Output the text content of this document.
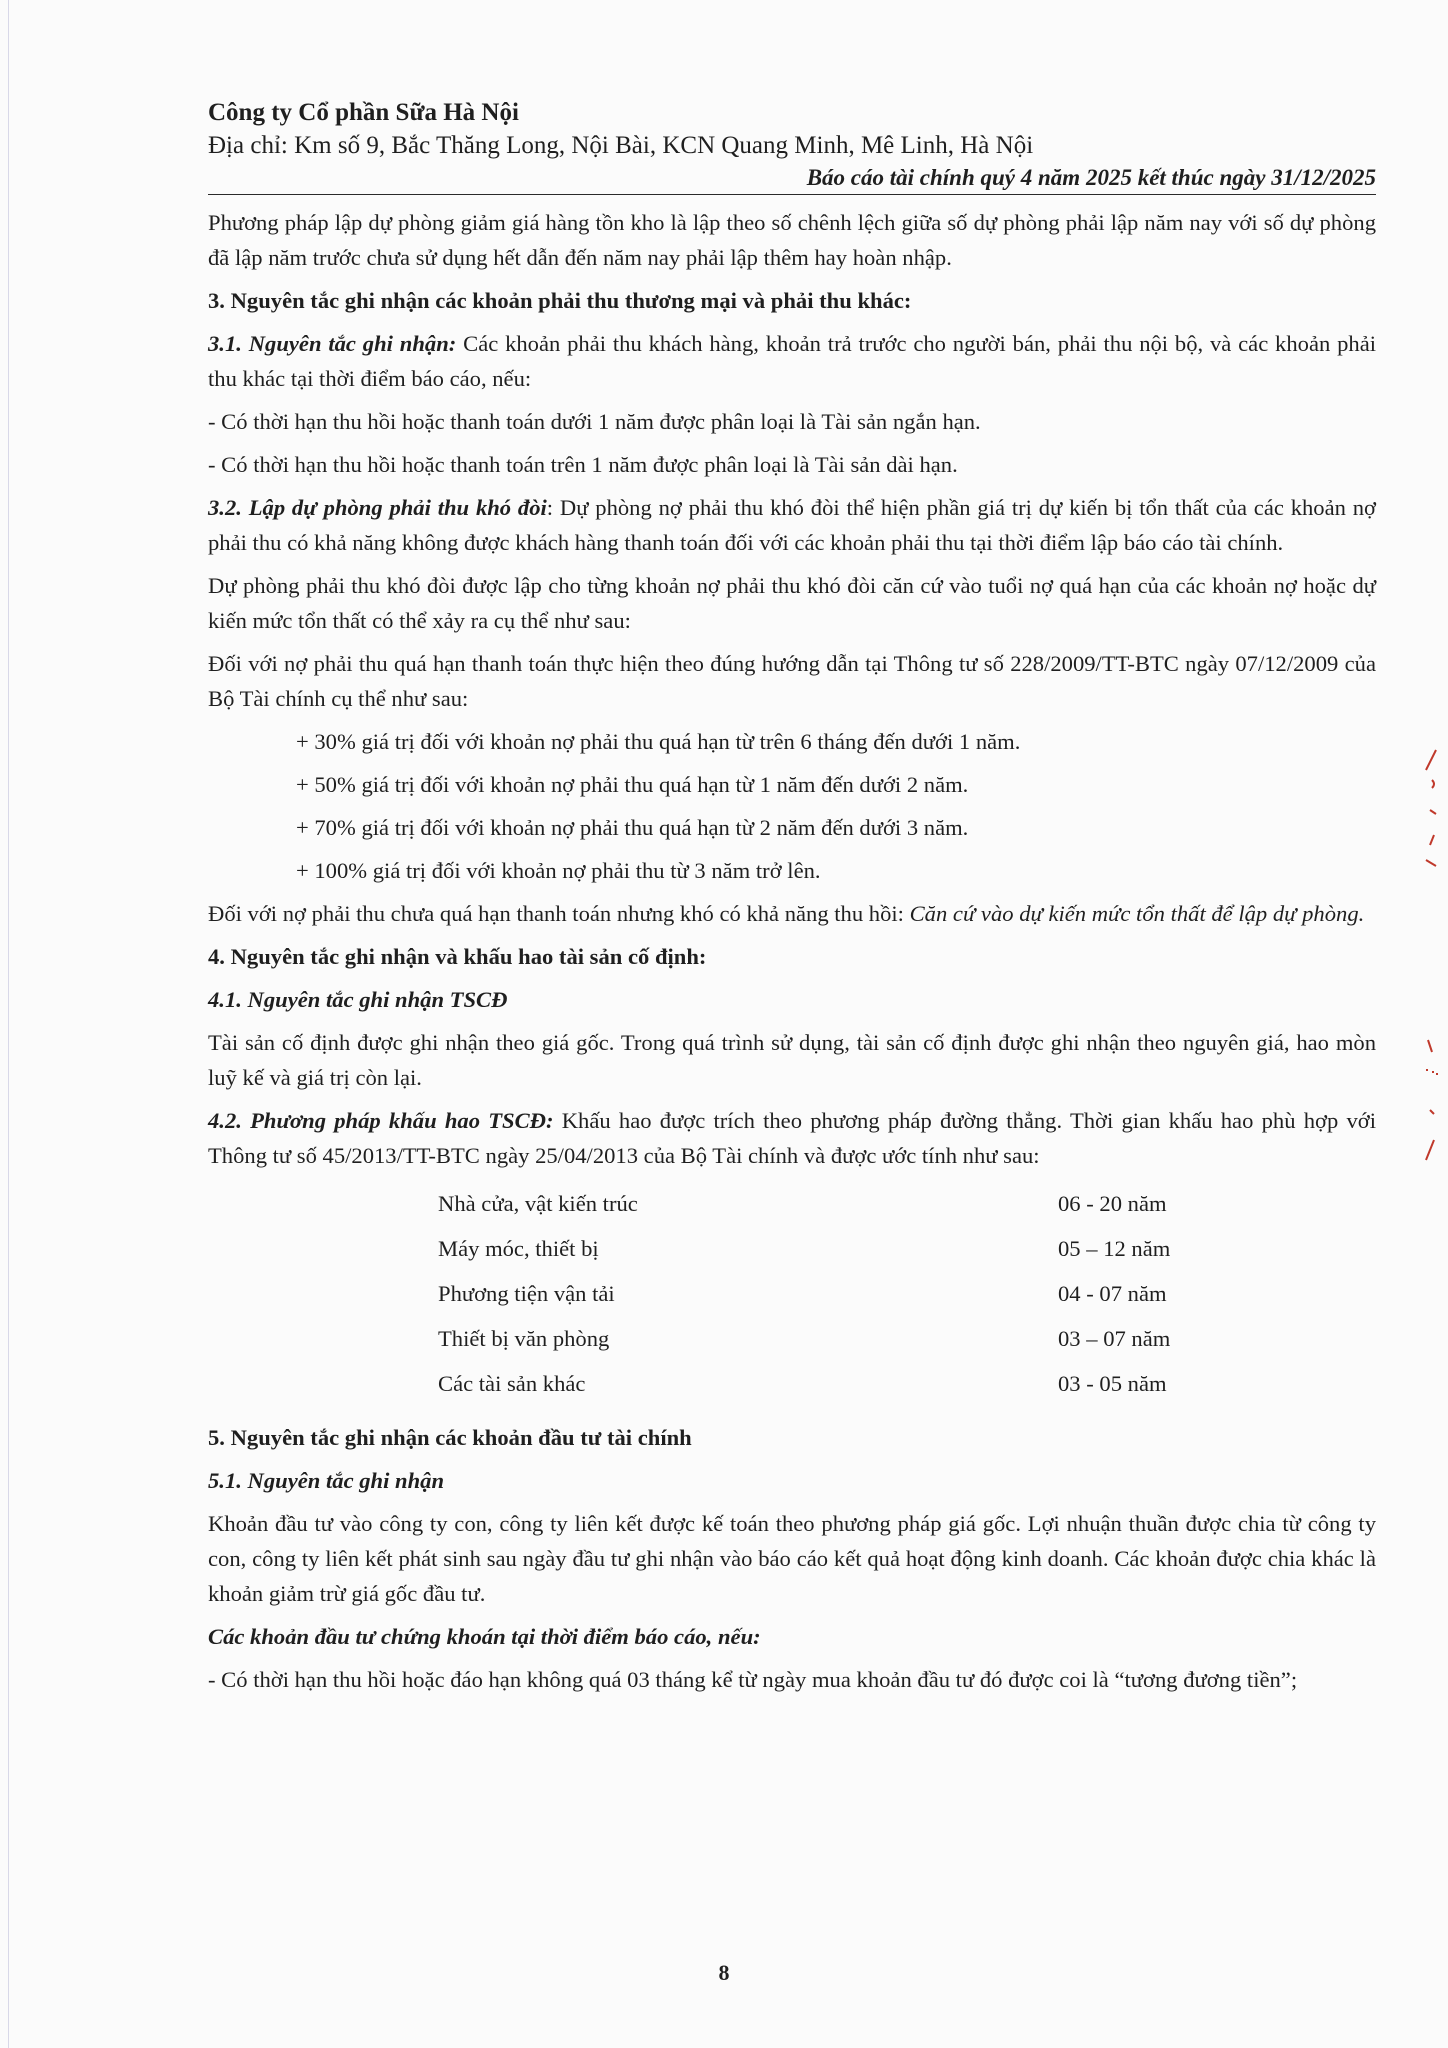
Công ty Cổ phần Sữa Hà Nội
Địa chỉ: Km số 9, Bắc Thăng Long, Nội Bài, KCN Quang Minh, Mê Linh, Hà Nội
Báo cáo tài chính quý 4 năm 2025 kết thúc ngày 31/12/2025

Phương pháp lập dự phòng giảm giá hàng tồn kho là lập theo số chênh lệch giữa số dự phòng phải lập năm nay với số dự phòng đã lập năm trước chưa sử dụng hết dẫn đến năm nay phải lập thêm hay hoàn nhập.

3. Nguyên tắc ghi nhận các khoản phải thu thương mại và phải thu khác:

3.1. Nguyên tắc ghi nhận: Các khoản phải thu khách hàng, khoản trả trước cho người bán, phải thu nội bộ, và các khoản phải thu khác tại thời điểm báo cáo, nếu:

- Có thời hạn thu hồi hoặc thanh toán dưới 1 năm được phân loại là Tài sản ngắn hạn.
- Có thời hạn thu hồi hoặc thanh toán trên 1 năm được phân loại là Tài sản dài hạn.

3.2. Lập dự phòng phải thu khó đòi: Dự phòng nợ phải thu khó đòi thể hiện phần giá trị dự kiến bị tổn thất của các khoản nợ phải thu có khả năng không được khách hàng thanh toán đối với các khoản phải thu tại thời điểm lập báo cáo tài chính.

Dự phòng phải thu khó đòi được lập cho từng khoản nợ phải thu khó đòi căn cứ vào tuổi nợ quá hạn của các khoản nợ hoặc dự kiến mức tổn thất có thể xảy ra cụ thể như sau:

Đối với nợ phải thu quá hạn thanh toán thực hiện theo đúng hướng dẫn tại Thông tư số 228/2009/TT-BTC ngày 07/12/2009 của Bộ Tài chính cụ thể như sau:

+ 30% giá trị đối với khoản nợ phải thu quá hạn từ trên 6 tháng đến dưới 1 năm.
+ 50% giá trị đối với khoản nợ phải thu quá hạn từ 1 năm đến dưới 2 năm.
+ 70% giá trị đối với khoản nợ phải thu quá hạn từ 2 năm đến dưới 3 năm.
+ 100% giá trị đối với khoản nợ phải thu từ 3 năm trở lên.

Đối với nợ phải thu chưa quá hạn thanh toán nhưng khó có khả năng thu hồi: Căn cứ vào dự kiến mức tổn thất để lập dự phòng.

4. Nguyên tắc ghi nhận và khấu hao tài sản cố định:
4.1. Nguyên tắc ghi nhận TSCĐ

Tài sản cố định được ghi nhận theo giá gốc. Trong quá trình sử dụng, tài sản cố định được ghi nhận theo nguyên giá, hao mòn luỹ kế và giá trị còn lại.

4.2. Phương pháp khấu hao TSCĐ: Khấu hao được trích theo phương pháp đường thẳng. Thời gian khấu hao phù hợp với Thông tư số 45/2013/TT-BTC ngày 25/04/2013 của Bộ Tài chính và được ước tính như sau:

Nhà cửa, vật kiến trúc	06 - 20 năm
Máy móc, thiết bị	05 – 12 năm
Phương tiện vận tải	04 - 07 năm
Thiết bị văn phòng	03 – 07 năm
Các tài sản khác	03 - 05 năm
5. Nguyên tắc ghi nhận các khoản đầu tư tài chính
5.1. Nguyên tắc ghi nhận

Khoản đầu tư vào công ty con, công ty liên kết được kế toán theo phương pháp giá gốc. Lợi nhuận thuần được chia từ công ty con, công ty liên kết phát sinh sau ngày đầu tư ghi nhận vào báo cáo kết quả hoạt động kinh doanh. Các khoản được chia khác là khoản giảm trừ giá gốc đầu tư.

Các khoản đầu tư chứng khoán tại thời điểm báo cáo, nếu:

- Có thời hạn thu hồi hoặc đáo hạn không quá 03 tháng kể từ ngày mua khoản đầu tư đó được coi là “tương đương tiền”;

8
